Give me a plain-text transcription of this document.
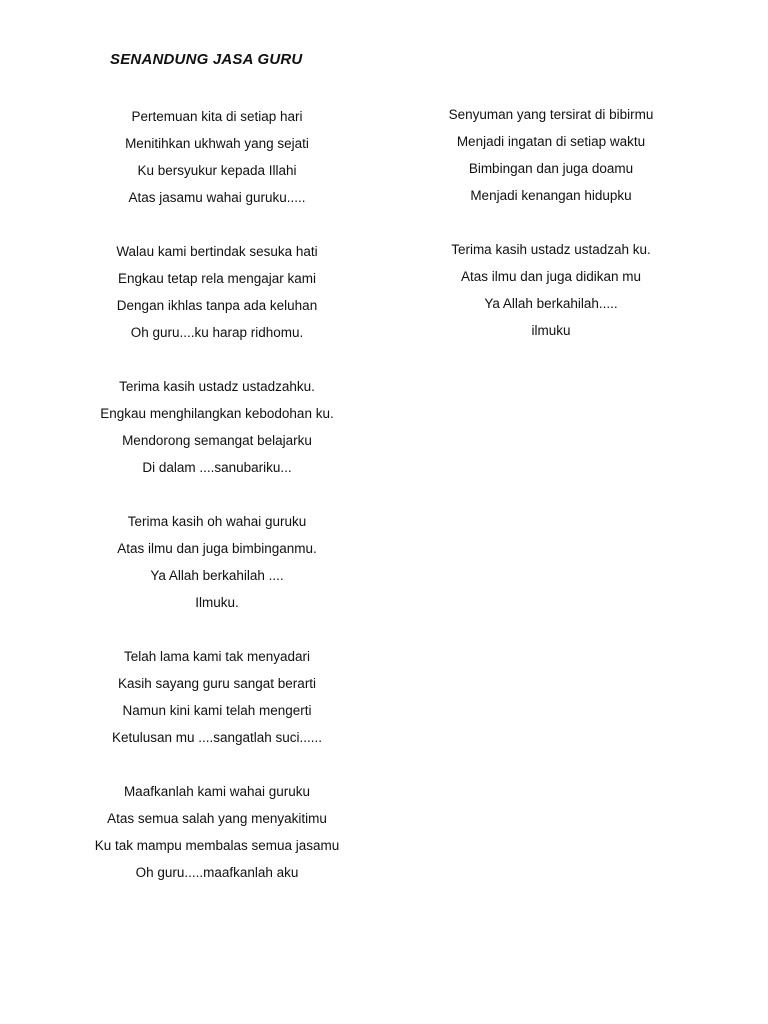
SENANDUNG JASA GURU
Pertemuan kita di setiap hari
Menitihkan ukhwah yang sejati
Ku bersyukur kepada Illahi
Atas jasamu wahai guruku.....
Walau kami bertindak sesuka hati
Engkau tetap rela mengajar kami
Dengan ikhlas tanpa ada keluhan
Oh guru....ku harap ridhomu.
Terima kasih ustadz ustadzahku.
Engkau menghilangkan kebodohan ku.
Mendorong semangat belajarku
Di dalam ....sanubariku...
Terima kasih oh wahai guruku
Atas ilmu dan juga bimbinganmu.
Ya Allah berkahilah ....
Ilmuku.
Telah lama kami tak menyadari
Kasih sayang guru sangat berarti
Namun kini kami telah mengerti
Ketulusan mu ....sangatlah suci......
Maafkanlah kami wahai guruku
Atas semua salah yang menyakitimu
Ku tak mampu membalas semua jasamu
Oh guru.....maafkanlah aku
Senyuman yang tersirat di bibirmu
Menjadi ingatan di setiap waktu
Bimbingan dan juga doamu
Menjadi kenangan hidupku
Terima kasih ustadz ustadzah ku.
Atas ilmu dan juga didikan mu
Ya Allah berkahilah.....
ilmuku
